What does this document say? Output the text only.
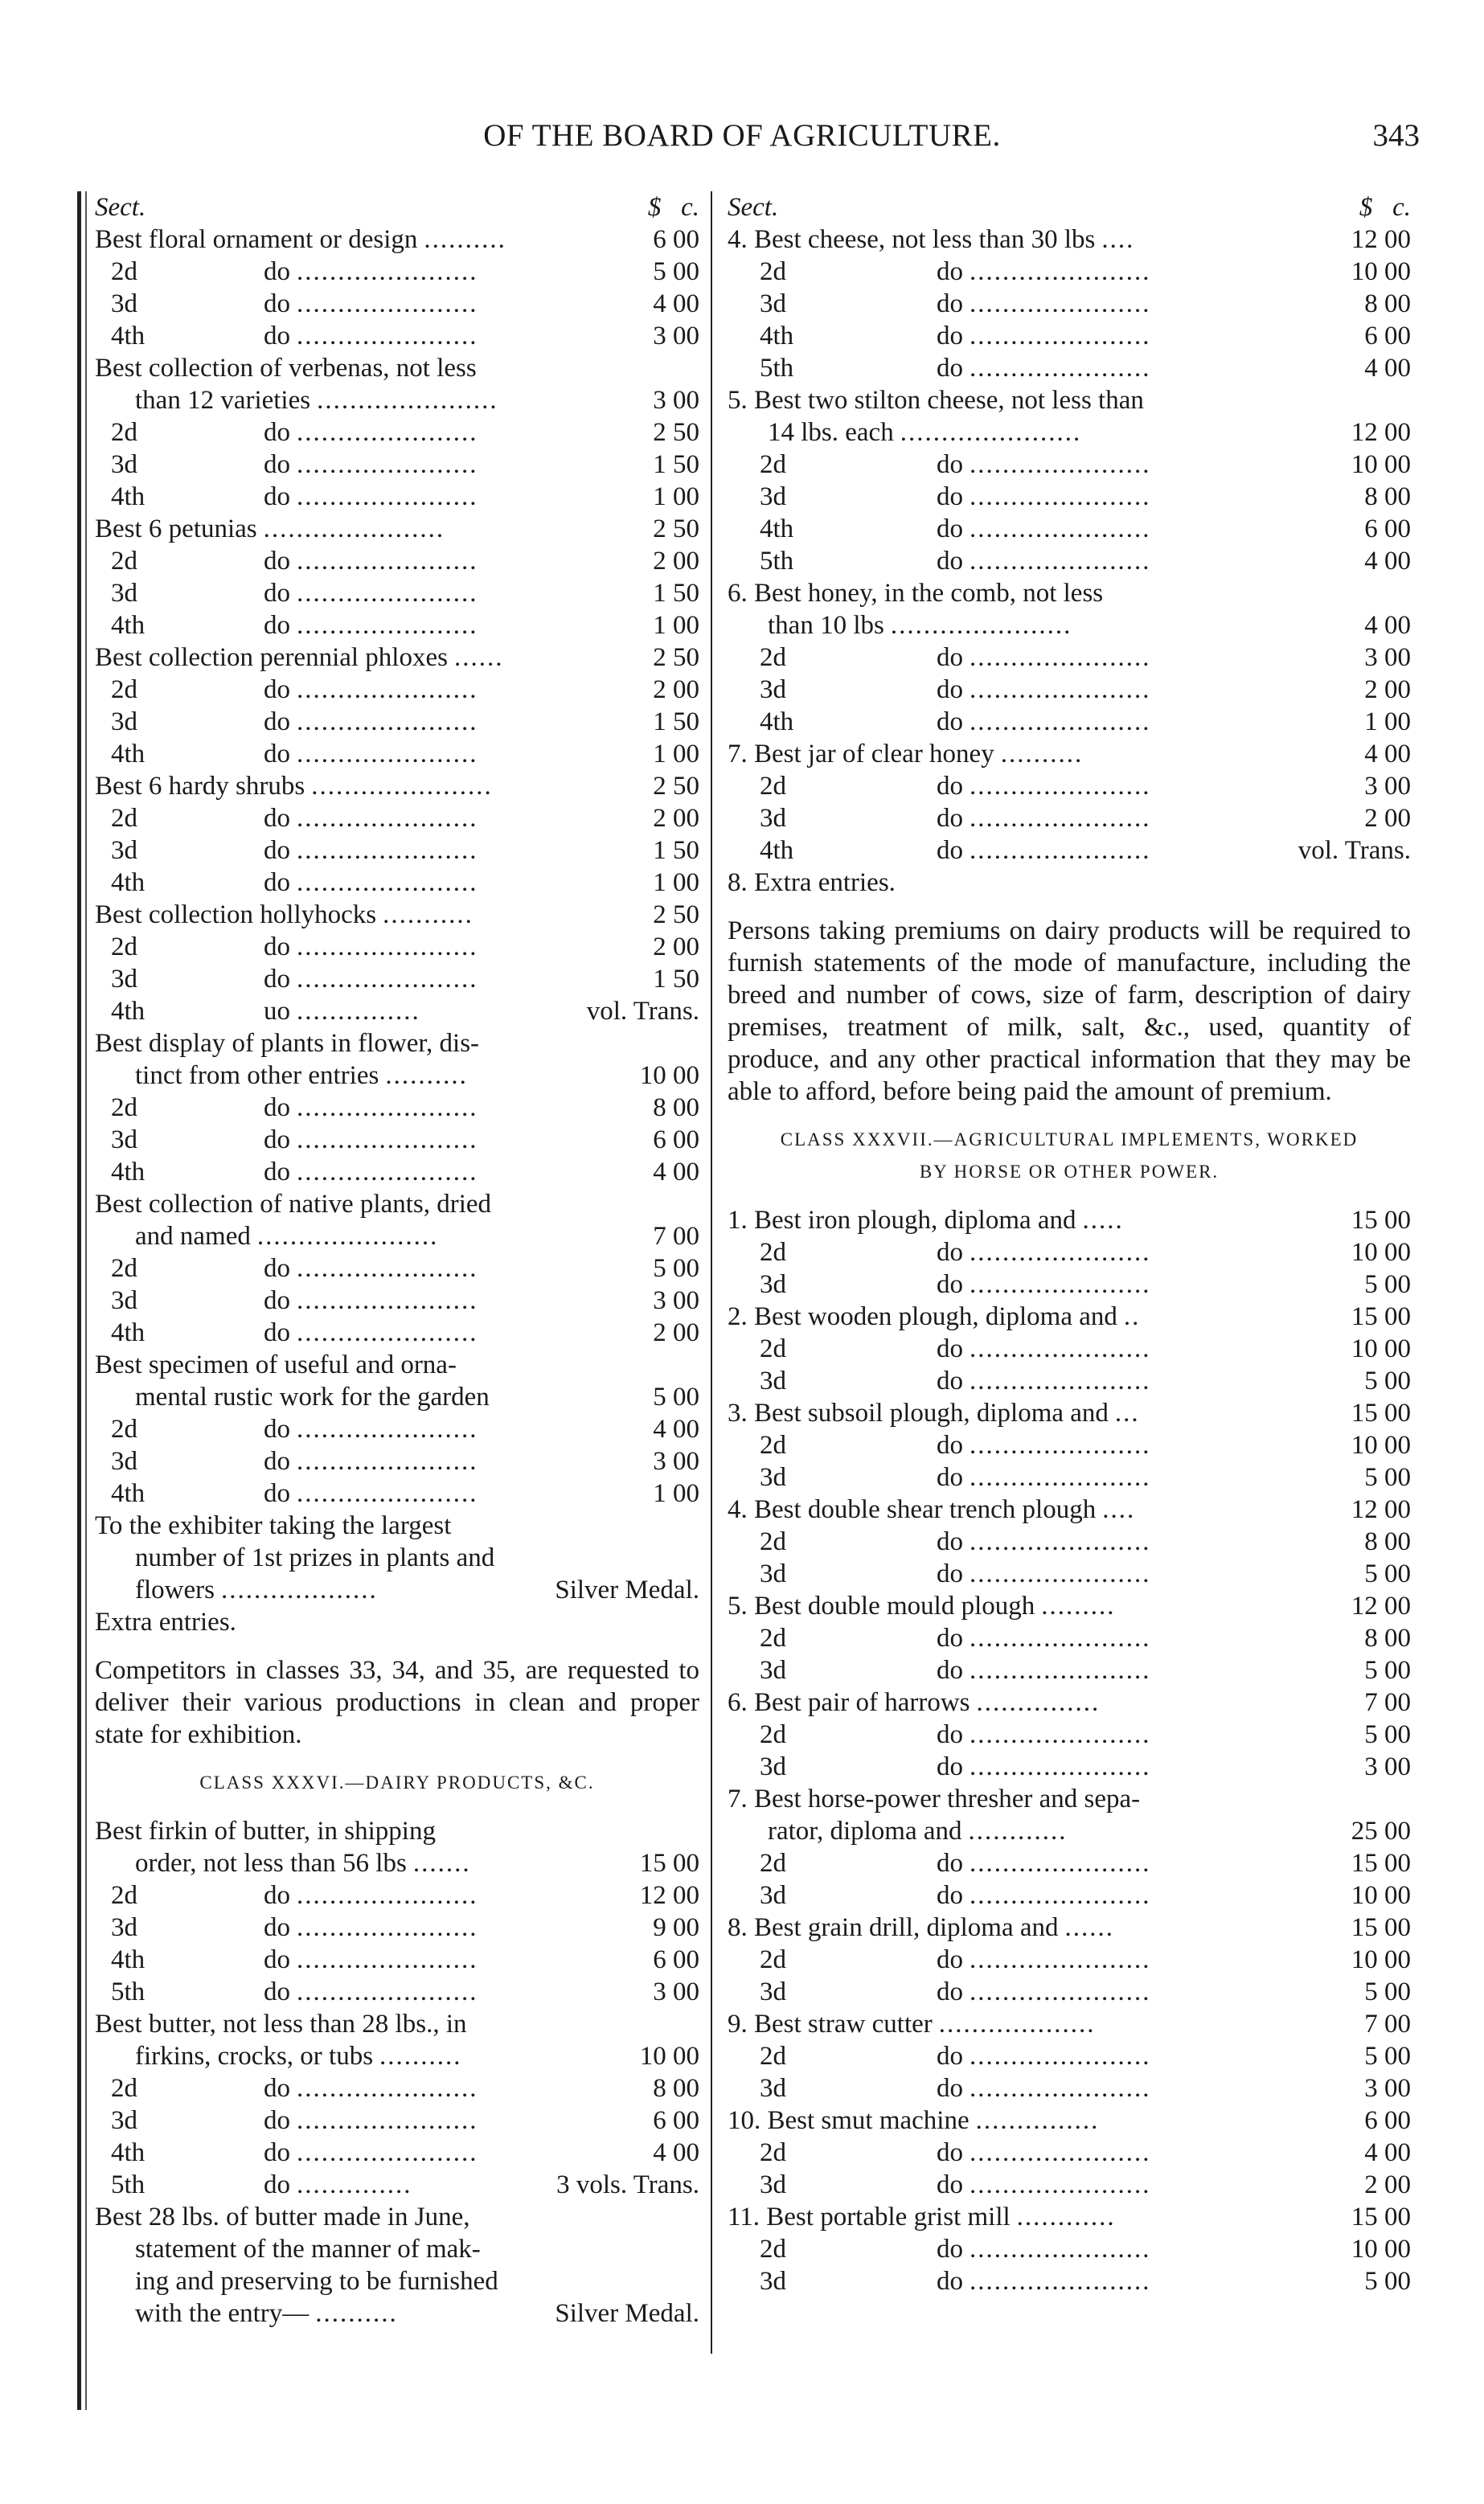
OF THE BOARD OF AGRICULTURE.	343
Sect.	$ c.
Best floral ornament or design ..........	6 00
2d	do ......................	5 00
3d	do ......................	4 00
4th	do ......................	3 00
Best collection of verbenas, not less
than 12 varieties ......................	3 00
2d	do ......................	2 50
3d	do ......................	1 50
4th	do ......................	1 00
Best 6 petunias ......................	2 50
2d	do ......................	2 00
3d	do ......................	1 50
4th	do ......................	1 00
Best collection perennial phloxes ......	2 50
2d	do ......................	2 00
3d	do ......................	1 50
4th	do ......................	1 00
Best 6 hardy shrubs ......................	2 50
2d	do ......................	2 00
3d	do ......................	1 50
4th	do ......................	1 00
Best collection hollyhocks ...........	2 50
2d	do ......................	2 00
3d	do ......................	1 50
4th	uo ...............	vol. Trans.
Best display of plants in flower, dis-
tinct from other entries ..........	10 00
2d	do ......................	8 00
3d	do ......................	6 00
4th	do ......................	4 00
Best collection of native plants, dried
and named ......................	7 00
2d	do ......................	5 00
3d	do ......................	3 00
4th	do ......................	2 00
Best specimen of useful and orna-
mental rustic work for the garden	5 00
2d	do ......................	4 00
3d	do ......................	3 00
4th	do ......................	1 00
To the exhibiter taking the largest
number of 1st prizes in plants and
flowers ...................	Silver Medal.
Extra entries.
Competitors in classes 33, 34, and 35, are requested to deliver their various productions in clean and proper state for exhibition.
CLASS XXXVI.—DAIRY PRODUCTS, &C.
Best firkin of butter, in shipping
order, not less than 56 lbs .......	15 00
2d	do ......................	12 00
3d	do ......................	9 00
4th	do ......................	6 00
5th	do ......................	3 00
Best butter, not less than 28 lbs., in
firkins, crocks, or tubs ..........	10 00
2d	do ......................	8 00
3d	do ......................	6 00
4th	do ......................	4 00
5th	do ..............	3 vols. Trans.
Best 28 lbs. of butter made in June,
statement of the manner of mak-
ing and preserving to be furnished
with the entry— ..........	Silver Medal.
Sect.	$ c.
4. Best cheese, not less than 30 lbs ....	12 00
2d	do ......................	10 00
3d	do ......................	8 00
4th	do ......................	6 00
5th	do ......................	4 00
5. Best two stilton cheese, not less than
14 lbs. each ......................	12 00
2d	do ......................	10 00
3d	do ......................	8 00
4th	do ......................	6 00
5th	do ......................	4 00
6. Best honey, in the comb, not less
than 10 lbs ......................	4 00
2d	do ......................	3 00
3d	do ......................	2 00
4th	do ......................	1 00
7. Best jar of clear honey ..........	4 00
2d	do ......................	3 00
3d	do ......................	2 00
4th	do ......................	vol. Trans.
8. Extra entries.
Persons taking premiums on dairy products will be required to furnish statements of the mode of manufacture, including the breed and number of cows, size of farm, description of dairy premises, treatment of milk, salt, &c., used, quantity of produce, and any other practical information that they may be able to afford, before being paid the amount of premium.
CLASS XXXVII.—AGRICULTURAL IMPLEMENTS, WORKED
BY HORSE OR OTHER POWER.
1. Best iron plough, diploma and .....	15 00
2d	do ......................	10 00
3d	do ......................	5 00
2. Best wooden plough, diploma and ..	15 00
2d	do ......................	10 00
3d	do ......................	5 00
3. Best subsoil plough, diploma and ...	15 00
2d	do ......................	10 00
3d	do ......................	5 00
4. Best double shear trench plough ....	12 00
2d	do ......................	8 00
3d	do ......................	5 00
5. Best double mould plough .........	12 00
2d	do ......................	8 00
3d	do ......................	5 00
6. Best pair of harrows ...............	7 00
2d	do ......................	5 00
3d	do ......................	3 00
7. Best horse-power thresher and sepa-
rator, diploma and ............	25 00
2d	do ......................	15 00
3d	do ......................	10 00
8. Best grain drill, diploma and ......	15 00
2d	do ......................	10 00
3d	do ......................	5 00
9. Best straw cutter ...................	7 00
2d	do ......................	5 00
3d	do ......................	3 00
10. Best smut machine ...............	6 00
2d	do ......................	4 00
3d	do ......................	2 00
11. Best portable grist mill ............	15 00
2d	do ......................	10 00
3d	do ......................	5 00
